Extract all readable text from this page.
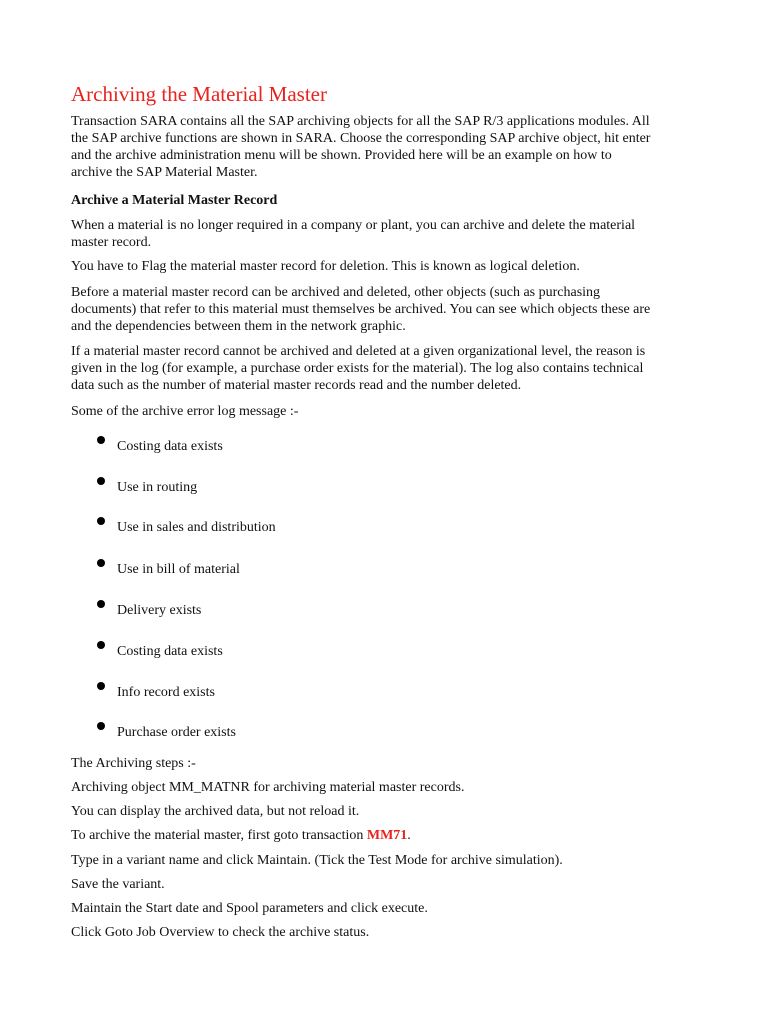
Archiving the Material Master
Transaction SARA contains all the SAP archiving objects for all the SAP R/3 applications modules. All
the SAP archive functions are shown in SARA. Choose the corresponding SAP archive object, hit enter
and the archive administration menu will be shown. Provided here will be an example on how to
archive the SAP Material Master.
Archive a Material Master Record
When a material is no longer required in a company or plant, you can archive and delete the material
master record.
You have to Flag the material master record for deletion. This is known as logical deletion.
Before a material master record can be archived and deleted, other objects (such as purchasing
documents) that refer to this material must themselves be archived. You can see which objects these are
and the dependencies between them in the network graphic.
If a material master record cannot be archived and deleted at a given organizational level, the reason is
given in the log (for example, a purchase order exists for the material). The log also contains technical
data such as the number of material master records read and the number deleted.
Some of the archive error log message :-
Costing data exists
Use in routing
Use in sales and distribution
Use in bill of material
Delivery exists
Costing data exists
Info record exists
Purchase order exists
The Archiving steps :-
Archiving object MM_MATNR for archiving material master records.
You can display the archived data, but not reload it.
To archive the material master, first goto transaction MM71.
Type in a variant name and click Maintain. (Tick the Test Mode for archive simulation).
Save the variant.
Maintain the Start date and Spool parameters and click execute.
Click Goto Job Overview to check the archive status.
